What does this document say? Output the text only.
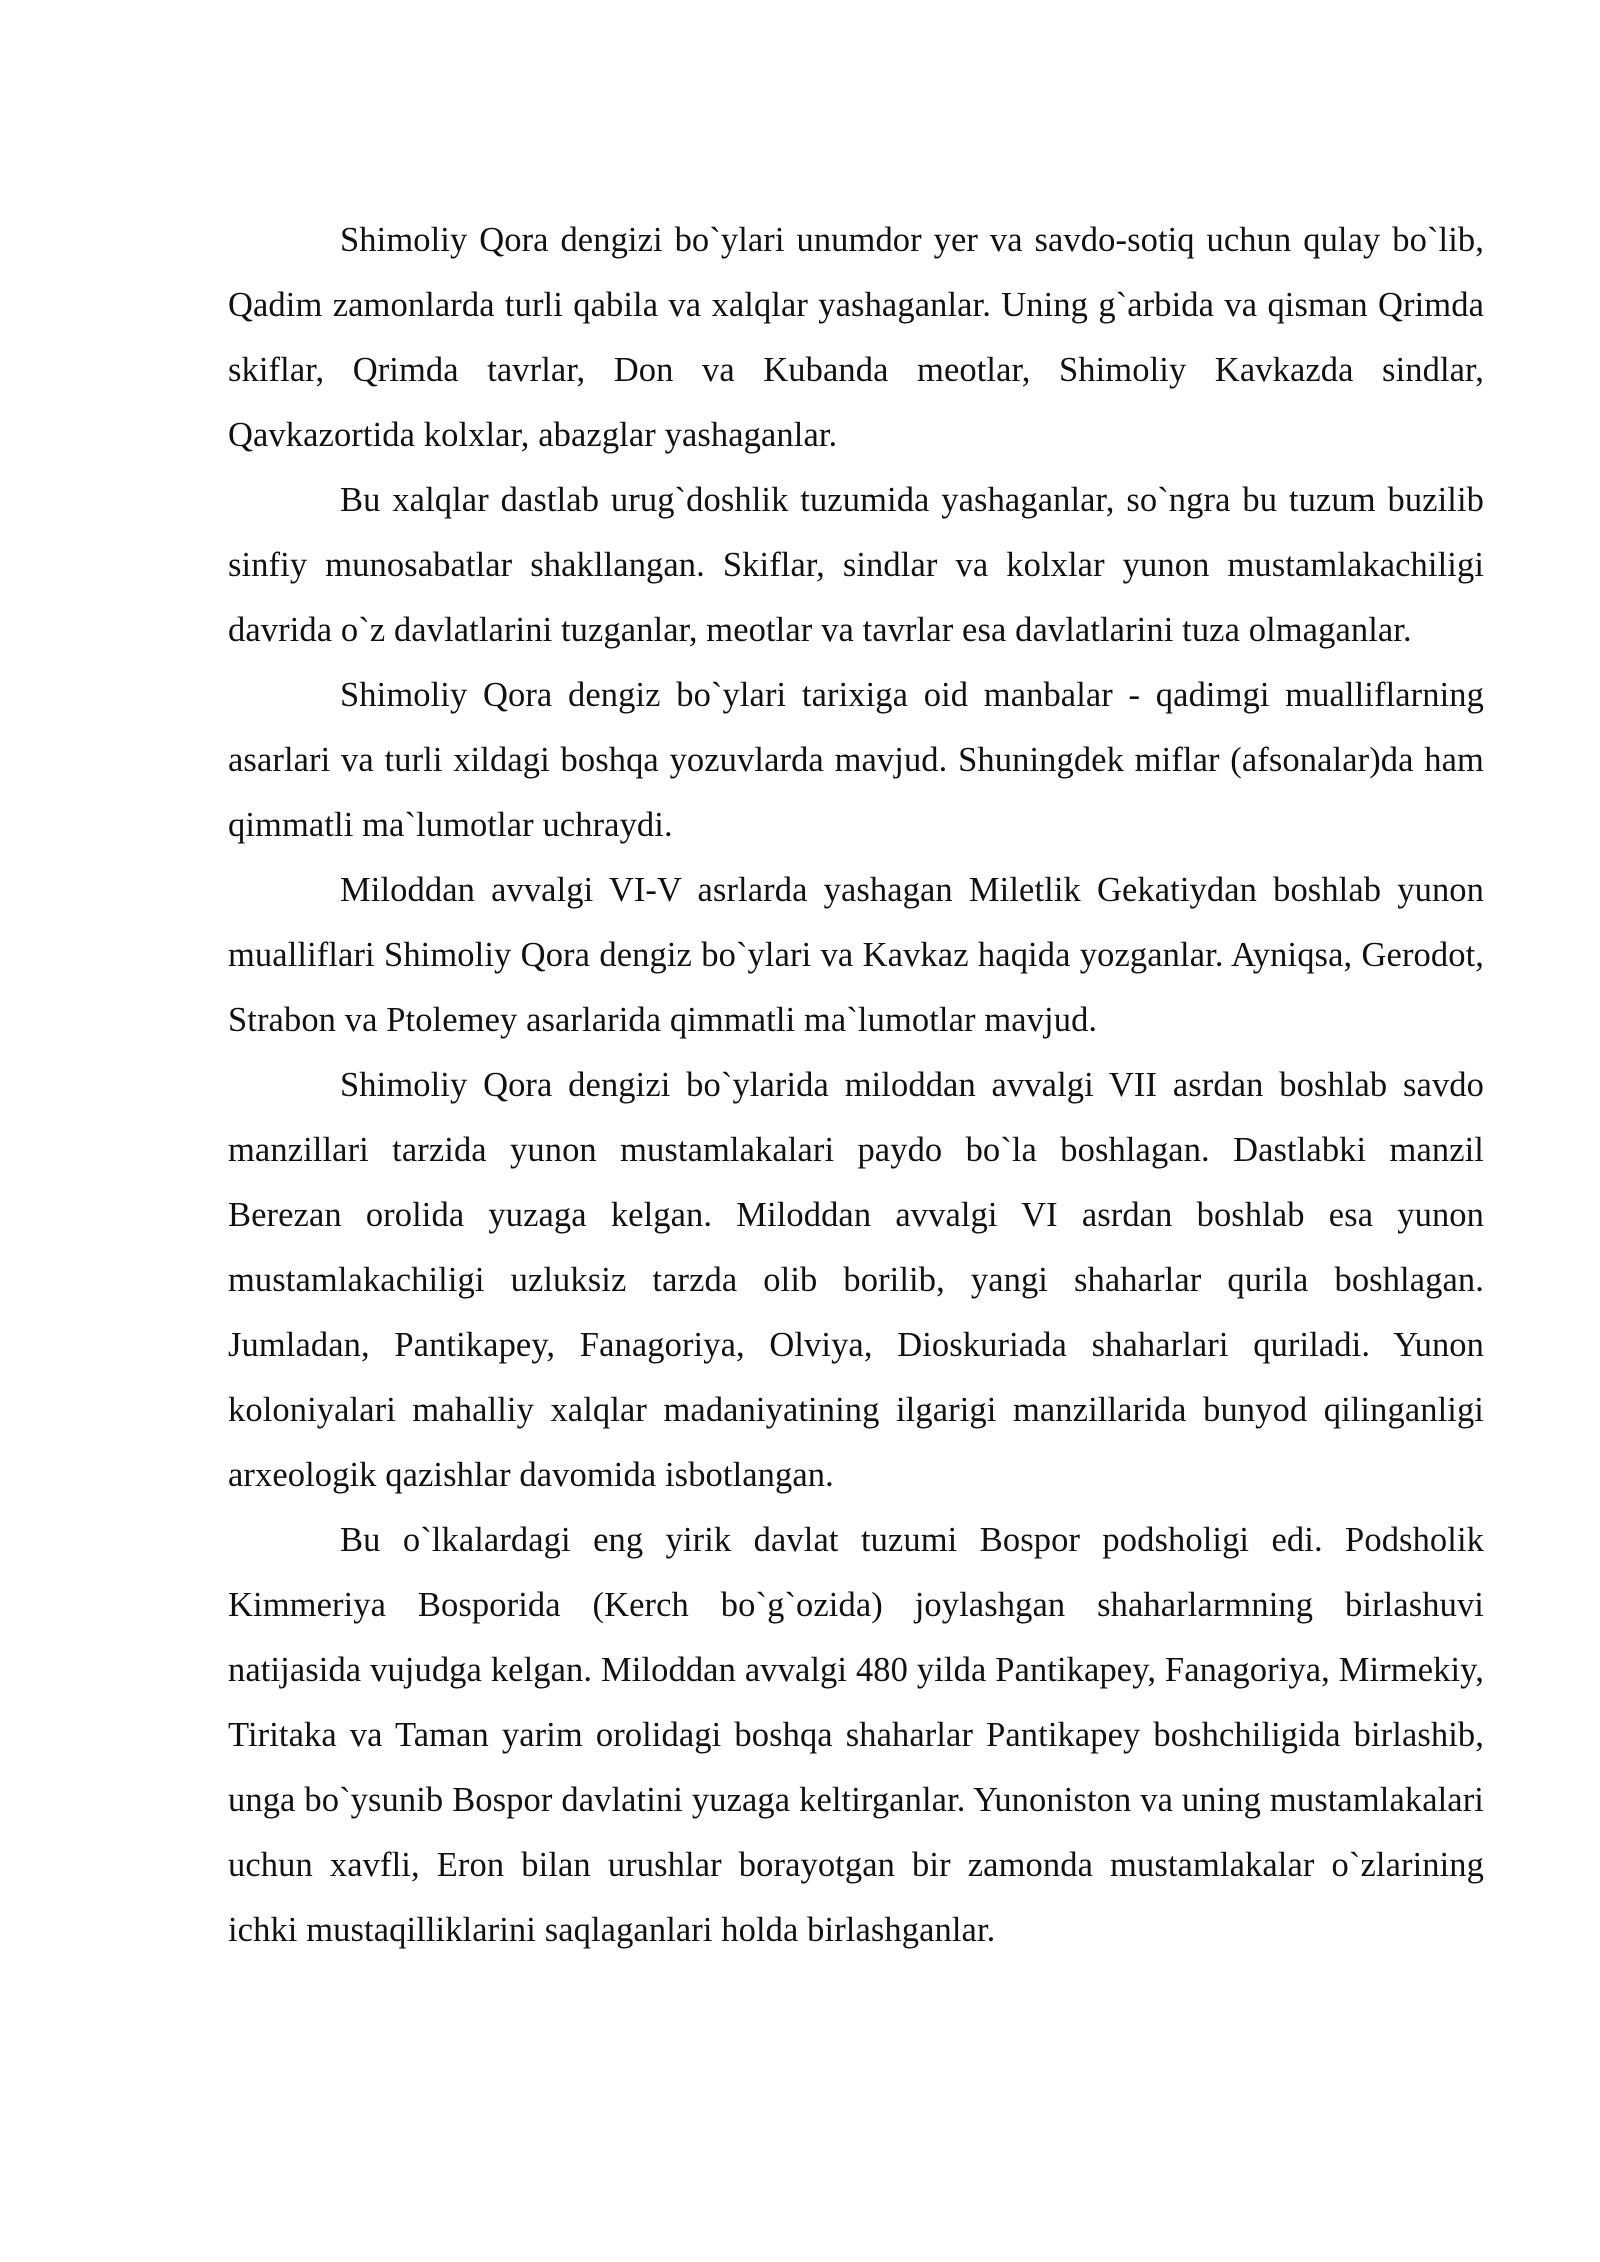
Shimoliy Qora dengizi bo`ylari unumdor yer va savdo-sotiq uchun qulay bo`lib, Qadim zamonlarda turli qabila va xalqlar yashaganlar. Uning g`arbida va qisman Qrimda skiflar, Qrimda tavrlar, Don va Kubanda meotlar, Shimoliy Kavkazda sindlar, Qavkazortida kolxlar, abazglar yashaganlar.

Bu xalqlar dastlab urug`doshlik tuzumida yashaganlar, so`ngra bu tuzum buzilib sinfiy munosabatlar shakllangan. Skiflar, sindlar va kolxlar yunon mustamlakachiligi davrida o`z davlatlarini tuzganlar, meotlar va tavrlar esa davlatlarini tuza olmaganlar.

Shimoliy Qora dengiz bo`ylari tarixiga oid manbalar - qadimgi mualliflarning asarlari va turli xildagi boshqa yozuvlarda mavjud. Shuningdek miflar (afsonalar)da ham qimmatli ma`lumotlar uchraydi.

Miloddan avvalgi VI-V asrlarda yashagan Miletlik Gekatiydan boshlab yunon mualliflari Shimoliy Qora dengiz bo`ylari va Kavkaz haqida yozganlar. Ayniqsa, Gerodot, Strabon va Ptolemey asarlarida qimmatli ma`lumotlar mavjud.

Shimoliy Qora dengizi bo`ylarida miloddan avvalgi VII asrdan boshlab savdo manzillari tarzida yunon mustamlakalari paydo bo`la boshlagan. Dastlabki manzil Berezan orolida yuzaga kelgan. Miloddan avvalgi VI asrdan boshlab esa yunon mustamlakachiligi uzluksiz tarzda olib borilib, yangi shaharlar qurila boshlagan. Jumladan, Pantikapey, Fanagoriya, Olviya, Dioskuriada shaharlari quriladi. Yunon koloniyalari mahalliy xalqlar madaniyatining ilgarigi manzillarida bunyod qilinganligi arxeologik qazishlar davomida isbotlangan.

Bu o`lkalardagi eng yirik davlat tuzumi Bospor podsholigi edi. Podsholik Kimmeriya Bosporida (Kerch bo`g`ozida) joylashgan shaharlarmning birlashuvi natijasida vujudga kelgan. Miloddan avvalgi 480 yilda Pantikapey, Fanagoriya, Mirmekiy, Tiritaka va Taman yarim orolidagi boshqa shaharlar Pantikapey boshchiligida birlashib, unga bo`ysunib Bospor davlatini yuzaga keltirganlar. Yunoniston va uning mustamlakalari uchun xavfli, Eron bilan urushlar borayotgan bir zamonda mustamlakalar o`zlarining ichki mustaqilliklarini saqlaganlari holda birlashganlar.
